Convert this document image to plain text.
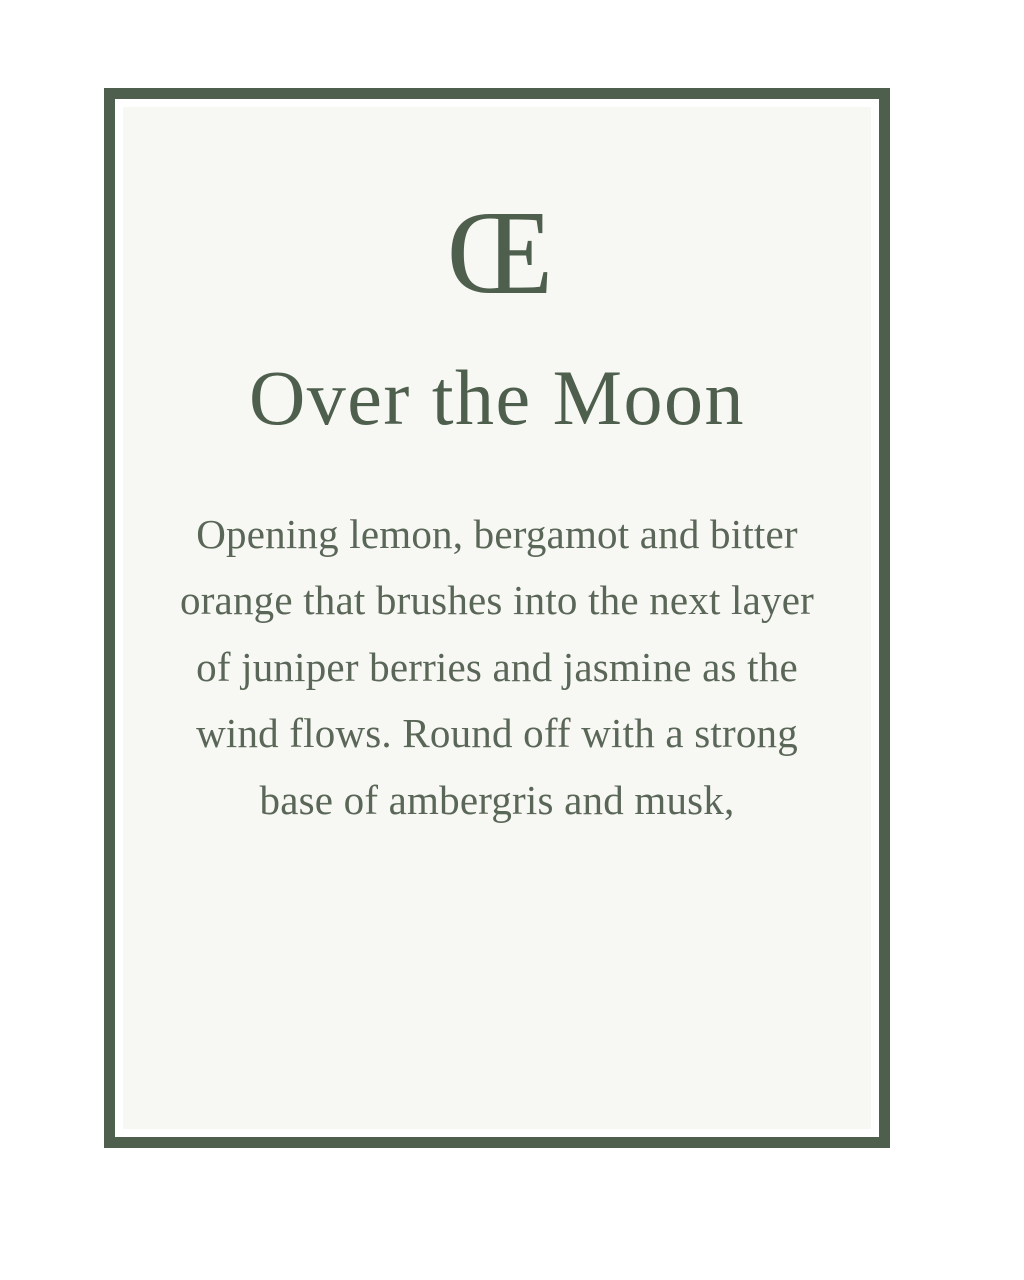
Œ
Over the Moon
Opening lemon, bergamot and bitter orange that brushes into the next layer of juniper berries and jasmine as the wind flows. Round off with a strong base of ambergris and musk,
